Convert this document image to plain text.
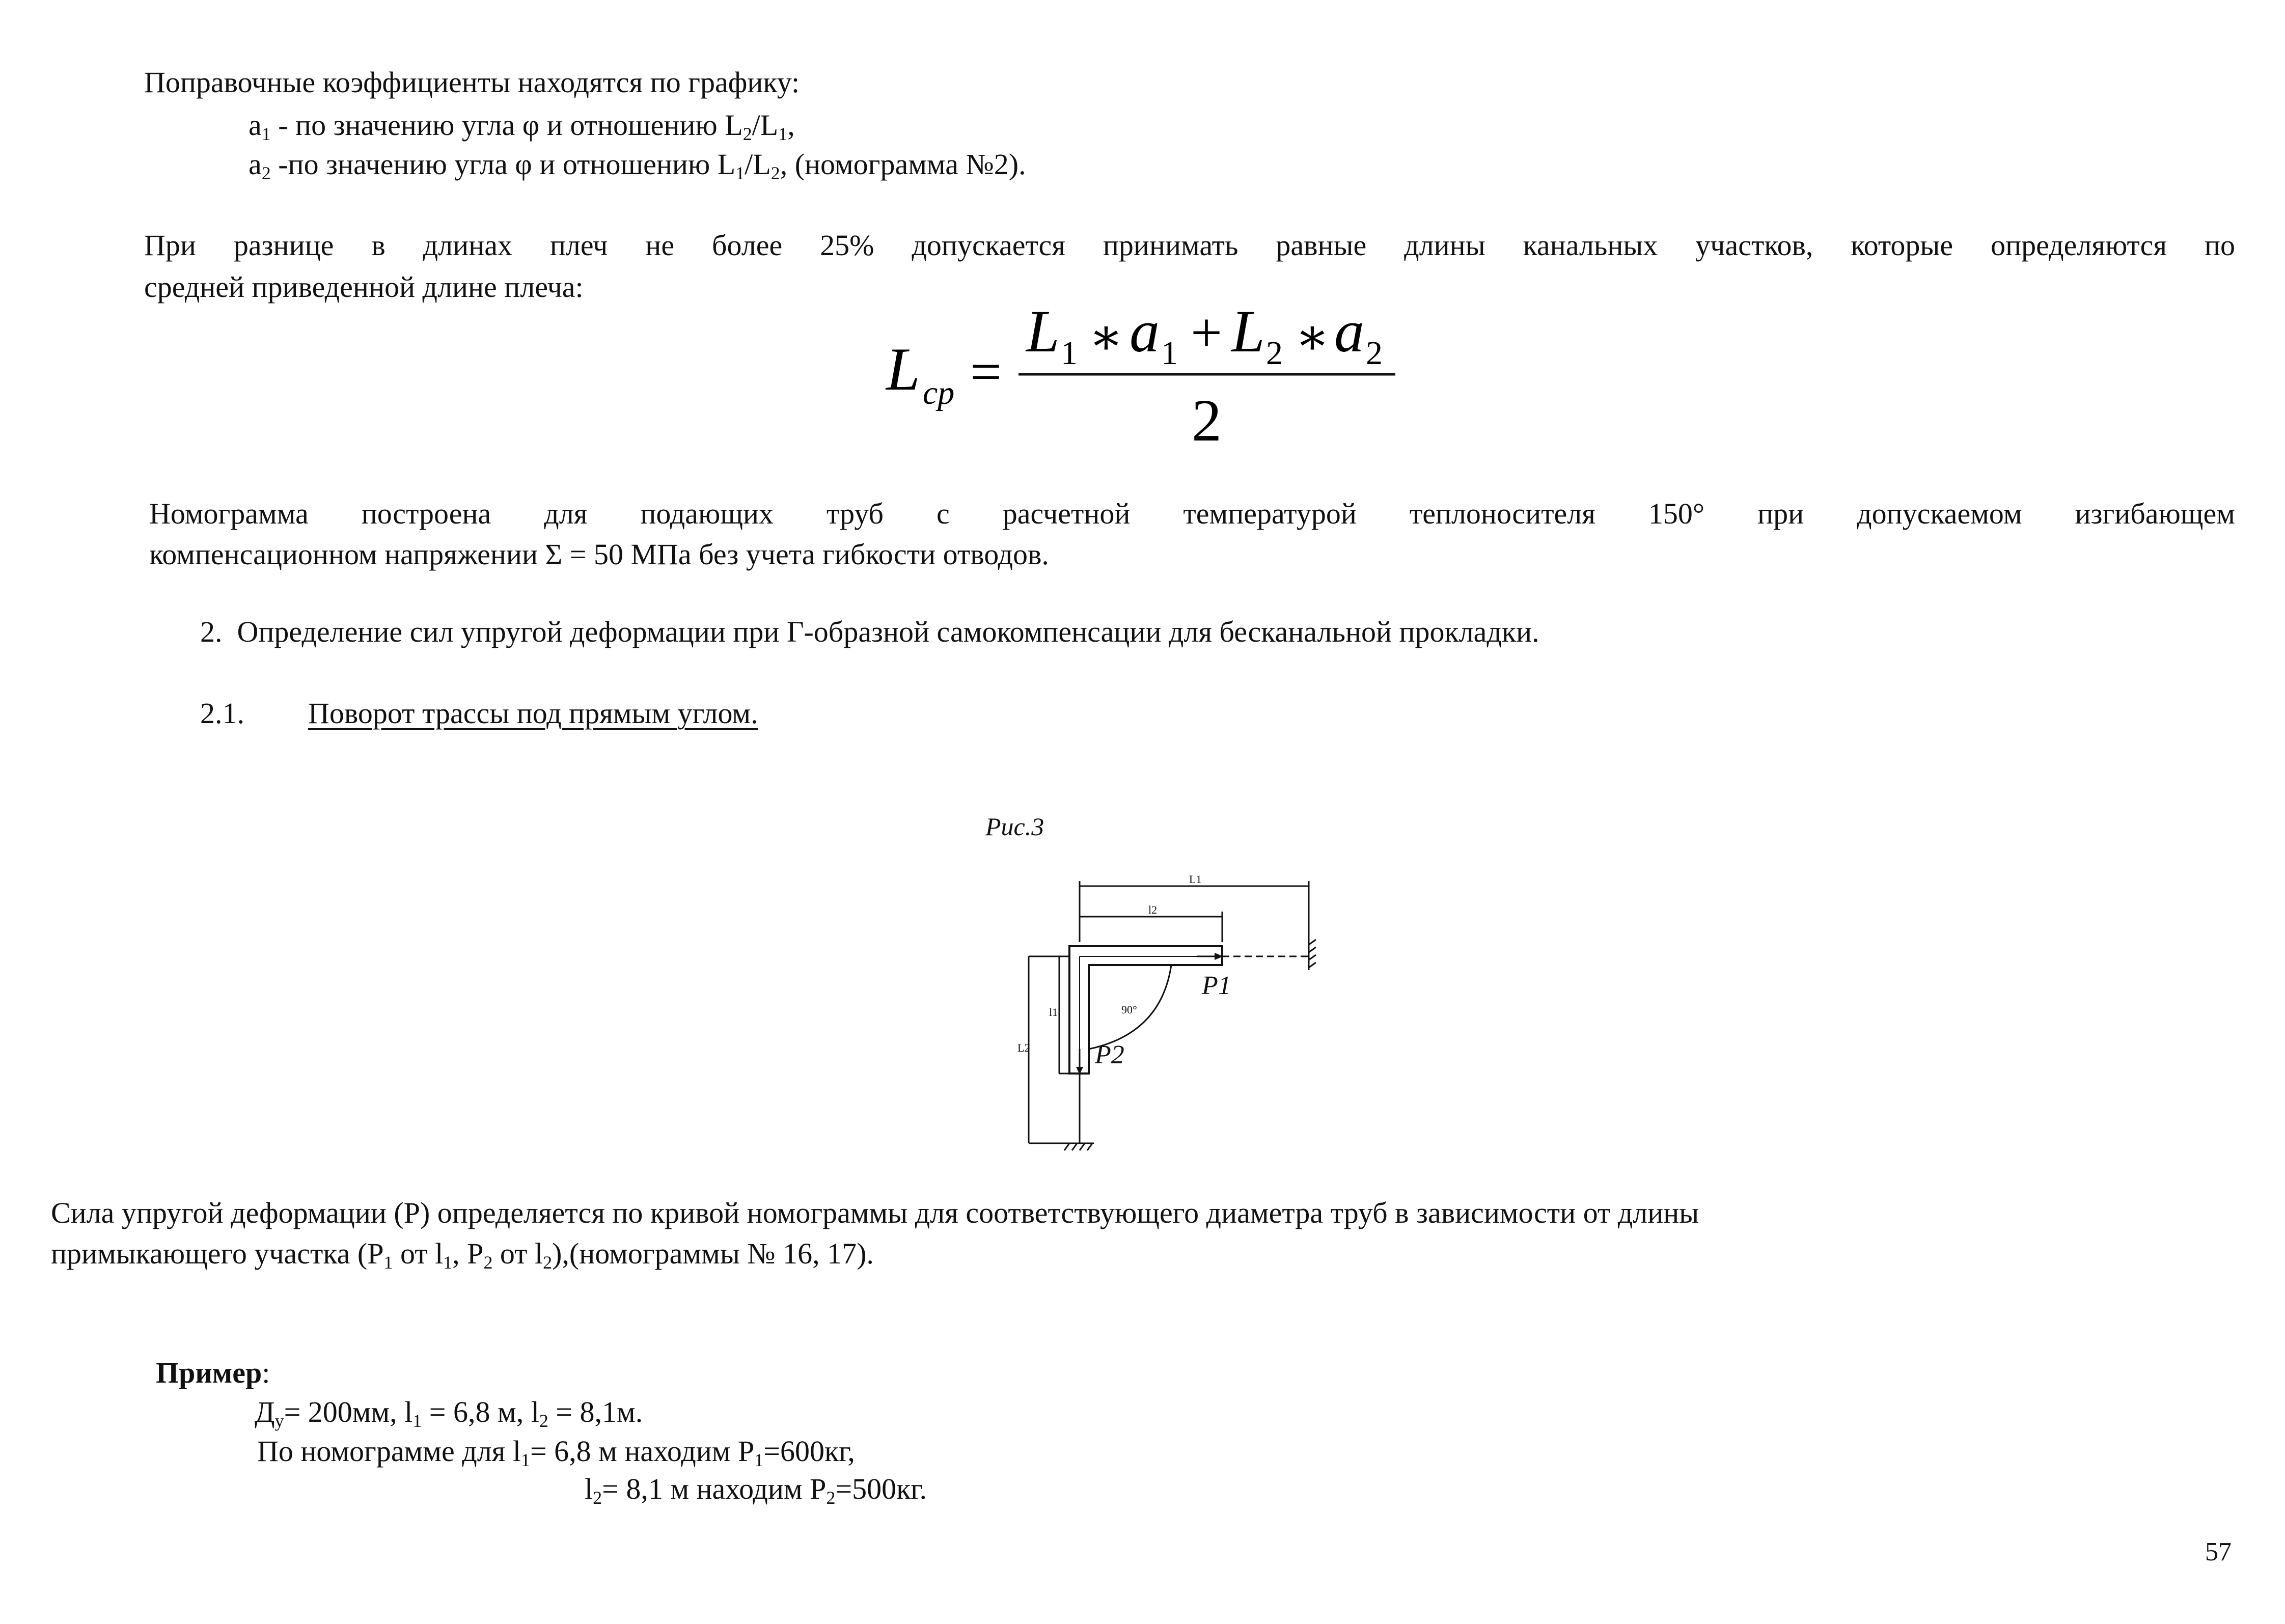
Поправочные коэффициенты находятся по графику:
$a_1$ - по значению угла φ и отношению $L_2/L_1$,
$a_2$ -по значению угла φ и отношению $L_1/L_2$, (номограмма №2).
При разнице в длинах плеч не более 25% допускается принимать равные длины канальных участков, которые определяются по
средней приведенной длине плеча:
L cp =
L 1 ∗ a 1 + L 2 ∗ a 2
2
Номограмма построена для подающих труб с расчетной температурой теплоносителя 150° при допускаемом изгибающем
компенсационном напряжении Σ = 50 МПа без учета гибкости отводов.
2. Определение сил упругой деформации при Г-образной самокомпенсации для бесканальной прокладки.
2.1. Поворот трассы под прямым углом.
Рис.3
L1
l2
l1
L2
90°
P1
P2
Сила упругой деформации (Р) определяется по кривой номограммы для соответствующего диаметра труб в зависимости от длины
примыкающего участка ($Р_1$ от $l_1$, $Р_2$ от $l_2),(номограммы$ № 16, 17).
Пример:
$Д_у= 200мм$, $l_1 = 6,8$ м, $l_2 = 8,1м$.
По номограмме для $l_1= 6,8$ м находим $Р_1=600кг$,
$l_2= 8,1$ м находим $Р_2=500кг$.
57
